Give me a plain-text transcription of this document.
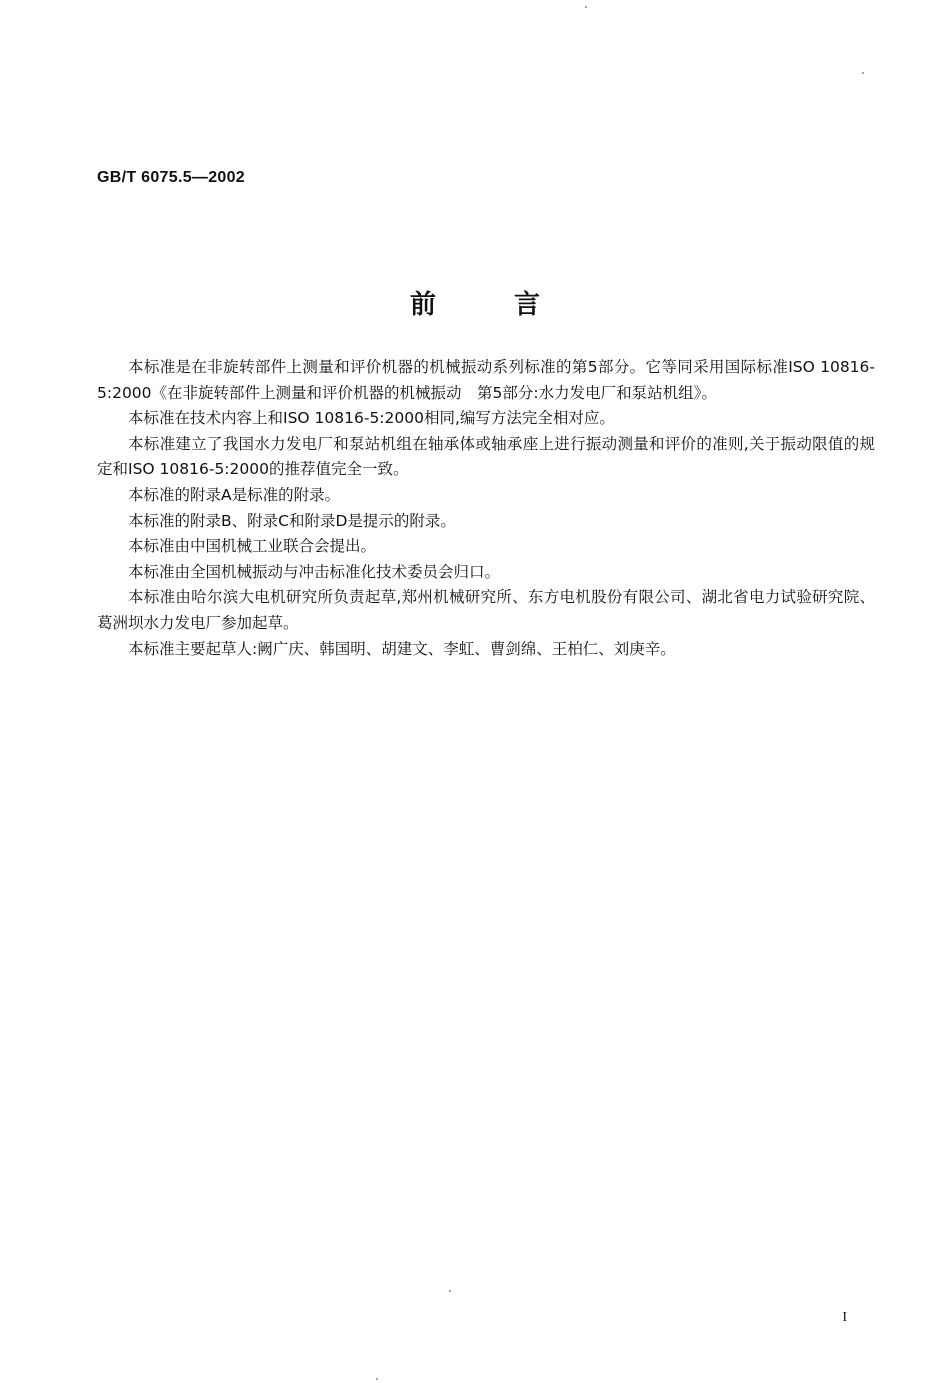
GB/T 6075.5—2002
前言

本标准是在非旋转部件上测量和评价机器的机械振动系列标准的第5部分。它等同采用国际标准ISO 10816-5:2000《在非旋转部件上测量和评价机器的机械振动　第5部分:水力发电厂和泵站机组》。

本标准在技术内容上和ISO 10816-5:2000相同,编写方法完全相对应。

本标准建立了我国水力发电厂和泵站机组在轴承体或轴承座上进行振动测量和评价的准则,关于振动限值的规定和ISO 10816-5:2000的推荐值完全一致。

本标准的附录A是标准的附录。

本标准的附录B、附录C和附录D是提示的附录。

本标准由中国机械工业联合会提出。

本标准由全国机械振动与冲击标准化技术委员会归口。

本标准由哈尔滨大电机研究所负责起草,郑州机械研究所、东方电机股份有限公司、湖北省电力试验研究院、葛洲坝水力发电厂参加起草。

本标准主要起草人:阙广庆、韩国明、胡建文、李虹、曹剑绵、王柏仁、刘庚辛。

I
